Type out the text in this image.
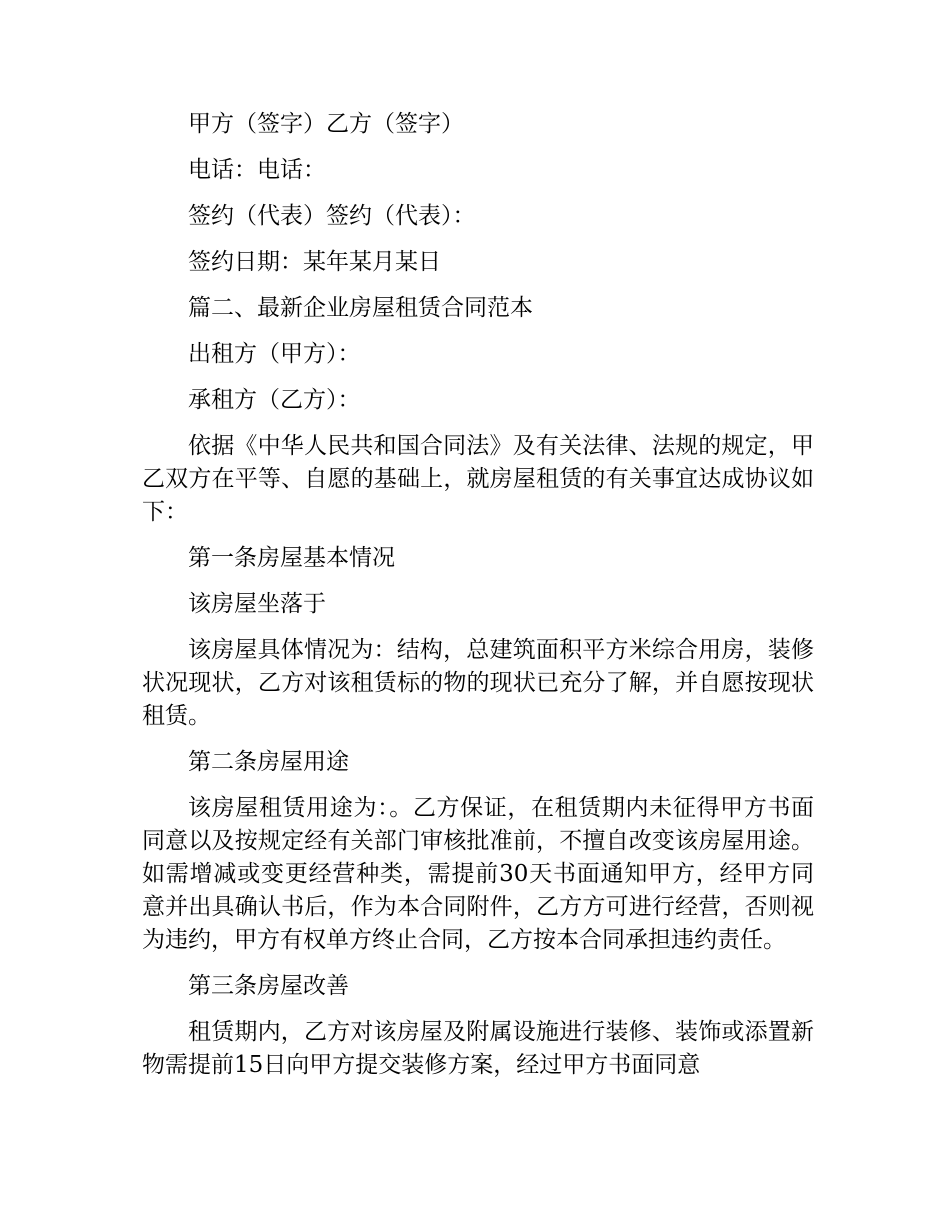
甲方（签字）乙方（签字）

电话：电话：

签约（代表）签约（代表）：

签约日期：某年某月某日

篇二、最新企业房屋租赁合同范本

出租方（甲方）：

承租方（乙方）：

依据《中华人民共和国合同法》及有关法律、法规的规定，甲乙双方在平等、自愿的基础上，就房屋租赁的有关事宜达成协议如下：

第一条房屋基本情况

该房屋坐落于

该房屋具体情况为：结构，总建筑面积平方米综合用房，装修状况现状，乙方对该租赁标的物的现状已充分了解，并自愿按现状租赁。

第二条房屋用途

该房屋租赁用途为：。乙方保证，在租赁期内未征得甲方书面同意以及按规定经有关部门审核批准前，不擅自改变该房屋用途。如需增减或变更经营种类，需提前30天书面通知甲方，经甲方同意并出具确认书后，作为本合同附件，乙方方可进行经营，否则视为违约，甲方有权单方终止合同，乙方按本合同承担违约责任。

第三条房屋改善

租赁期内，乙方对该房屋及附属设施进行装修、装饰或添置新物需提前15日向甲方提交装修方案，经过甲方书面同意
